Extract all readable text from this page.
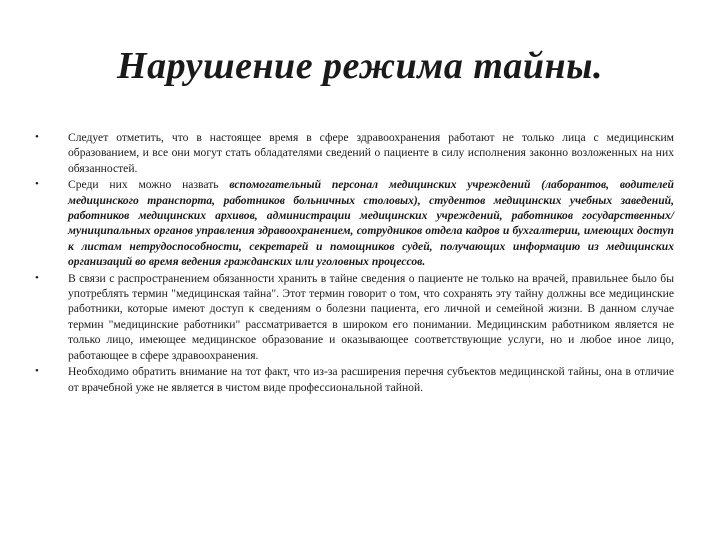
Нарушение режима тайны.
•	Следует отметить, что в настоящее время в сфере здравоохранения работают не только лица с медицинским образованием, и все они могут стать обладателями сведений о пациенте в силу исполнения законно возложенных на них обязанностей.
•	Среди них можно назвать вспомогательный персонал медицинских учреждений (лаборантов, водителей медицинского транспорта, работников больничных столовых), студентов медицинских учебных заведений, работников медицинских архивов, администрации медицинских учреждений, работников государственных/муниципальных органов управления здравоохранением, сотрудников отдела кадров и бухгалтерии, имеющих доступ к листам нетрудоспособности, секретарей и помощников судей, получающих информацию из медицинских организаций во время ведения гражданских или уголовных процессов.
•	В связи с распространением обязанности хранить в тайне сведения о пациенте не только на врачей, правильнее было бы употреблять термин "медицинская тайна". Этот термин говорит о том, что сохранять эту тайну должны все медицинские работники, которые имеют доступ к сведениям о болезни пациента, его личной и семейной жизни. В данном случае термин "медицинские работники" рассматривается в широком его понимании. Медицинским работником является не только лицо, имеющее медицинское образование и оказывающее соответствующие услуги, но и любое иное лицо, работающее в сфере здравоохранения.
•	Необходимо обратить внимание на тот факт, что из-за расширения перечня субъектов медицинской тайны, она в отличие от врачебной уже не является в чистом виде профессиональной тайной.
